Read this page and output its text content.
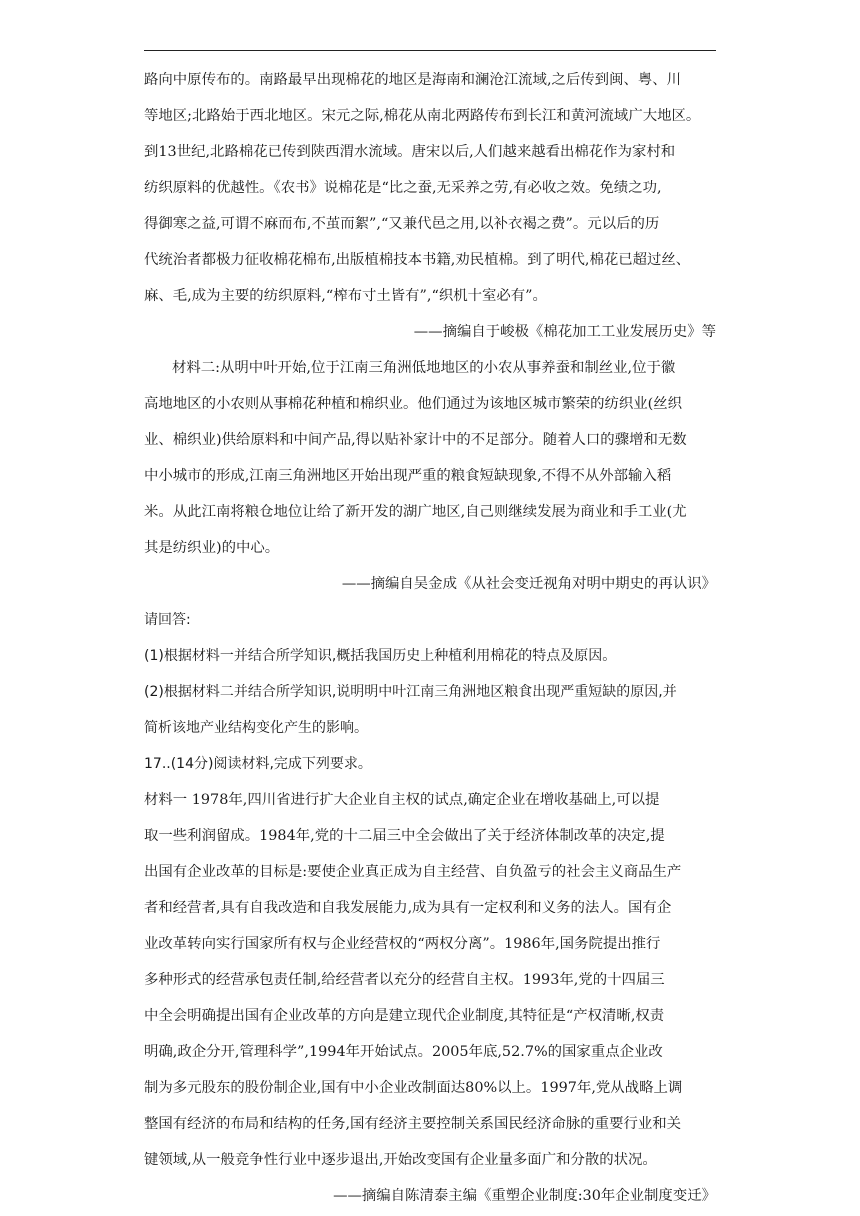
路向中原传布的。南路最早出现棉花的地区是海南和澜沧江流域,之后传到闽、粤、川
等地区;北路始于西北地区。宋元之际,棉花从南北两路传布到长江和黄河流域广大地区。
到13世纪,北路棉花已传到陕西渭水流域。唐宋以后,人们越来越看出棉花作为家村和
纺织原料的优越性。《农书》说棉花是“比之蚕,无采养之劳,有必收之效。免绩之功,
得御寒之益,可谓不麻而布,不茧而絮”,“又兼代邑之用,以补衣褐之费”。元以后的历
代统治者都极力征收棉花棉布,出版植棉技本书籍,劝民植棉。到了明代,棉花已超过丝、
麻、毛,成为主要的纺织原料,“榨布寸土皆有”,“织机十室必有”。
——摘编自于峻极《棉花加工工业发展历史》等
材料二:从明中叶开始,位于江南三角洲低地地区的小农从事养蚕和制丝业,位于徽
高地地区的小农则从事棉花种植和棉织业。他们通过为该地区城市繁荣的纺织业(丝织
业、棉织业)供给原料和中间产品,得以贴补家计中的不足部分。随着人口的骤增和无数
中小城市的形成,江南三角洲地区开始出现严重的粮食短缺现象,不得不从外部输入稻
米。从此江南将粮仓地位让给了新开发的湖广地区,自己则继续发展为商业和手工业(尤
其是纺织业)的中心。
——摘编自吴金成《从社会变迁视角对明中期史的再认识》
请回答:
(1)根据材料一并结合所学知识,概括我国历史上种植利用棉花的特点及原因。
(2)根据材料二并结合所学知识,说明明中叶江南三角洲地区粮食出现严重短缺的原因,并
简析该地产业结构变化产生的影响。
17..(14分)阅读材料,完成下列要求。
材料一 1978年,四川省进行扩大企业自主权的试点,确定企业在增收基础上,可以提
取一些利润留成。1984年,党的十二届三中全会做出了关于经济体制改革的决定,提
出国有企业改革的目标是:要使企业真正成为自主经营、自负盈亏的社会主义商品生产
者和经营者,具有自我改造和自我发展能力,成为具有一定权利和义务的法人。国有企
业改革转向实行国家所有权与企业经营权的“两权分离”。1986年,国务院提出推行
多种形式的经营承包责任制,给经营者以充分的经营自主权。1993年,党的十四届三
中全会明确提出国有企业改革的方向是建立现代企业制度,其特征是“产权清晰,权责
明确,政企分开,管理科学”,1994年开始试点。2005年底,52.7%的国家重点企业改
制为多元股东的股份制企业,国有中小企业改制面达80%以上。1997年,党从战略上调
整国有经济的布局和结构的任务,国有经济主要控制关系国民经济命脉的重要行业和关
键领域,从一般竞争性行业中逐步退出,开始改变国有企业量多面广和分散的状况。
——摘编自陈清泰主编《重塑企业制度:30年企业制度变迁》
